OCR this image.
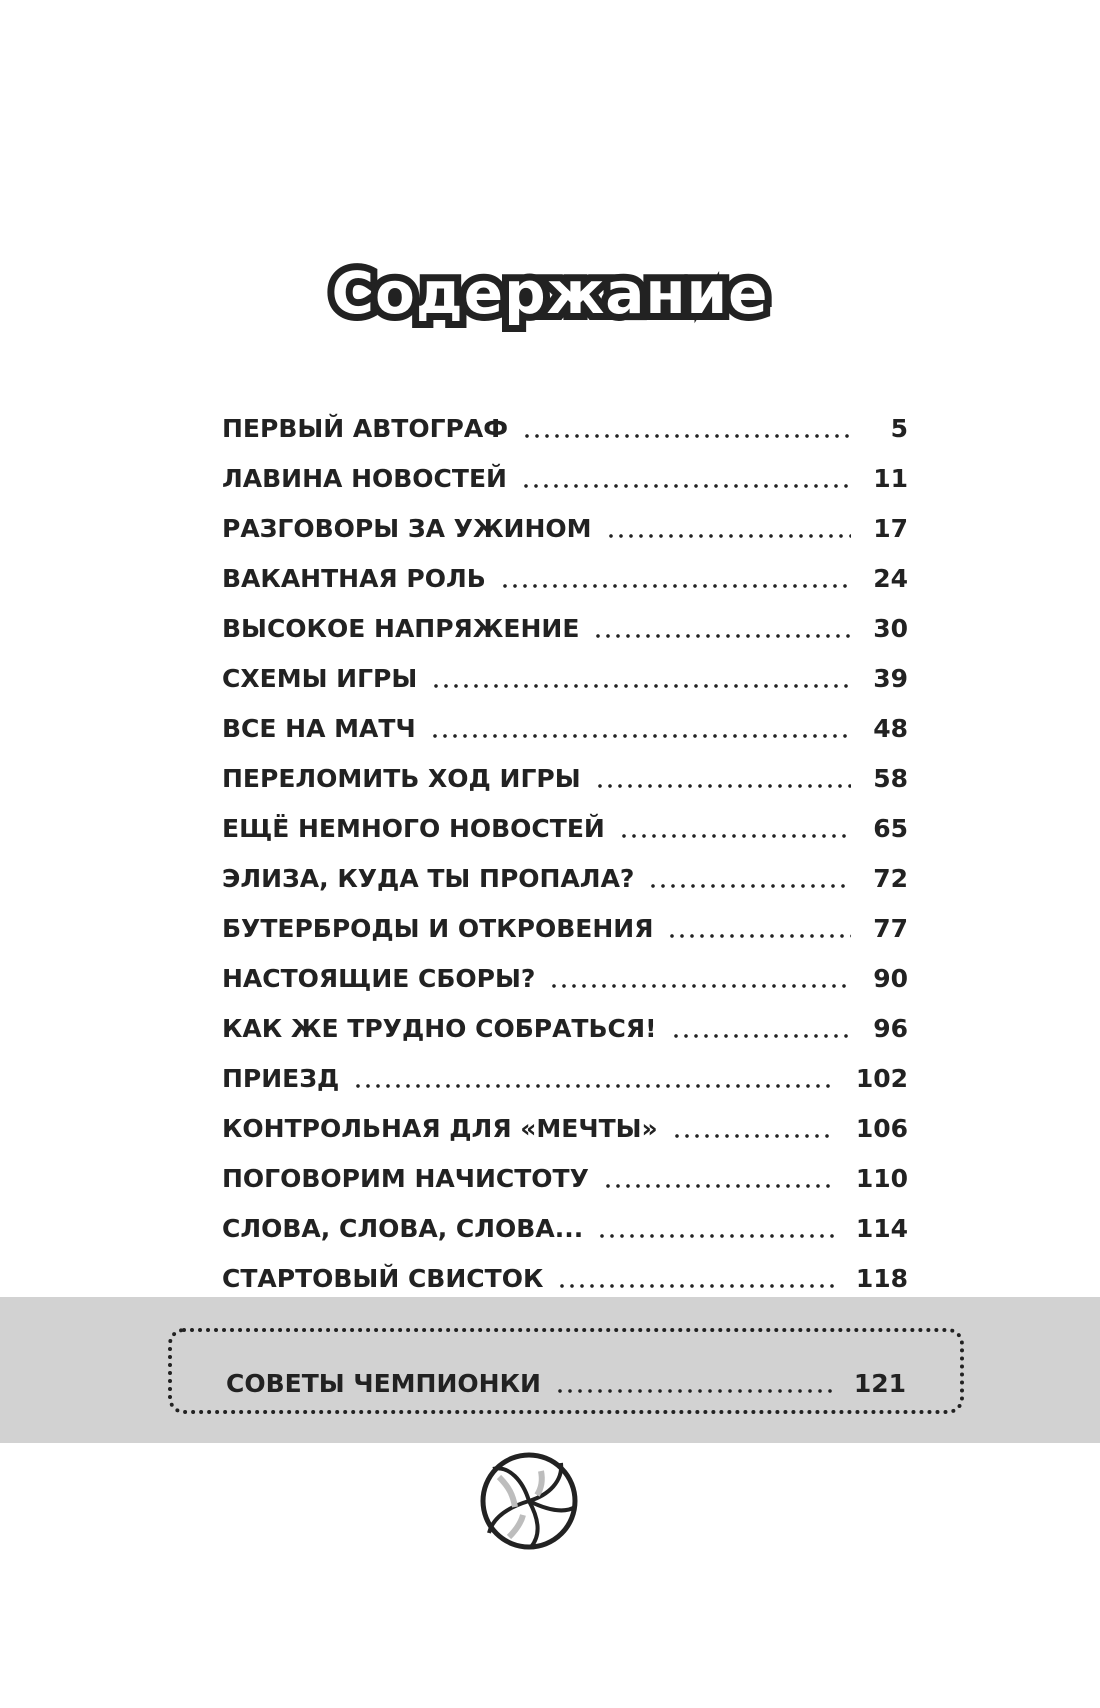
Содержание
ПЕРВЫЙ АВТОГРАФ	5
ЛАВИНА НОВОСТЕЙ	11
РАЗГОВОРЫ ЗА УЖИНОМ	17
ВАКАНТНАЯ РОЛЬ	24
ВЫСОКОЕ НАПРЯЖЕНИЕ	30
СХЕМЫ ИГРЫ	39
ВСЕ НА МАТЧ	48
ПЕРЕЛОМИТЬ ХОД ИГРЫ	58
ЕЩЁ НЕМНОГО НОВОСТЕЙ	65
ЭЛИЗА, КУДА ТЫ ПРОПАЛА?	72
БУТЕРБРОДЫ И ОТКРОВЕНИЯ	77
НАСТОЯЩИЕ СБОРЫ?	90
КАК ЖЕ ТРУДНО СОБРАТЬСЯ!	96
ПРИЕЗД	102
КОНТРОЛЬНАЯ ДЛЯ «МЕЧТЫ»	106
ПОГОВОРИМ НАЧИСТОТУ	110
СЛОВА, СЛОВА, СЛОВА...	114
СТАРТОВЫЙ СВИСТОК	118
СОВЕТЫ ЧЕМПИОНКИ	121
